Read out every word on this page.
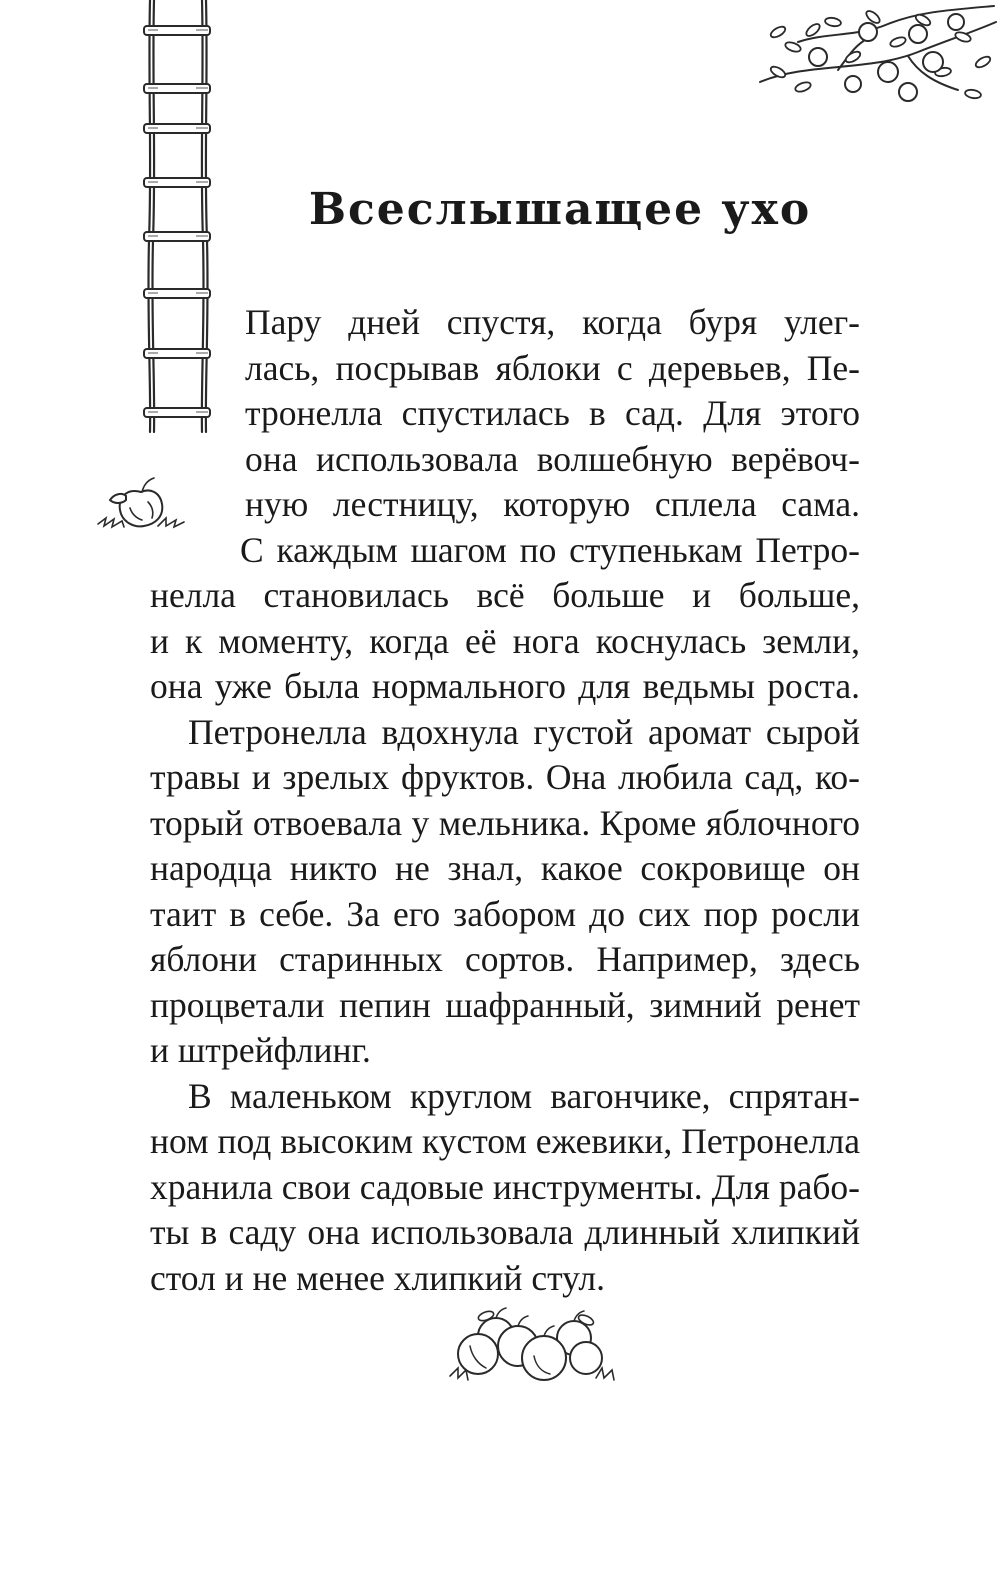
Всеслышащее ухо
Пару дней спустя, когда буря улег-
лась, посрывав яблоки с деревьев, Пе-
тронелла спустилась в сад. Для этого
она использовала волшебную верёвоч-
ную лестницу, которую сплела сама.
С каждым шагом по ступенькам Петро-
нелла становилась всё больше и больше,
и к моменту, когда её нога коснулась земли,
она уже была нормального для ведьмы роста.
Петронелла вдохнула густой аромат сырой
травы и зрелых фруктов. Она любила сад, ко-
торый отвоевала у мельника. Кроме яблочного
народца никто не знал, какое сокровище он
таит в себе. За его забором до сих пор росли
яблони старинных сортов. Например, здесь
процветали пепин шафранный, зимний ренет
и штрейфлинг.
В маленьком круглом вагончике, спрятан-
ном под высоким кустом ежевики, Петронелла
хранила свои садовые инструменты. Для рабо-
ты в саду она использовала длинный хлипкий
стол и не менее хлипкий стул.
